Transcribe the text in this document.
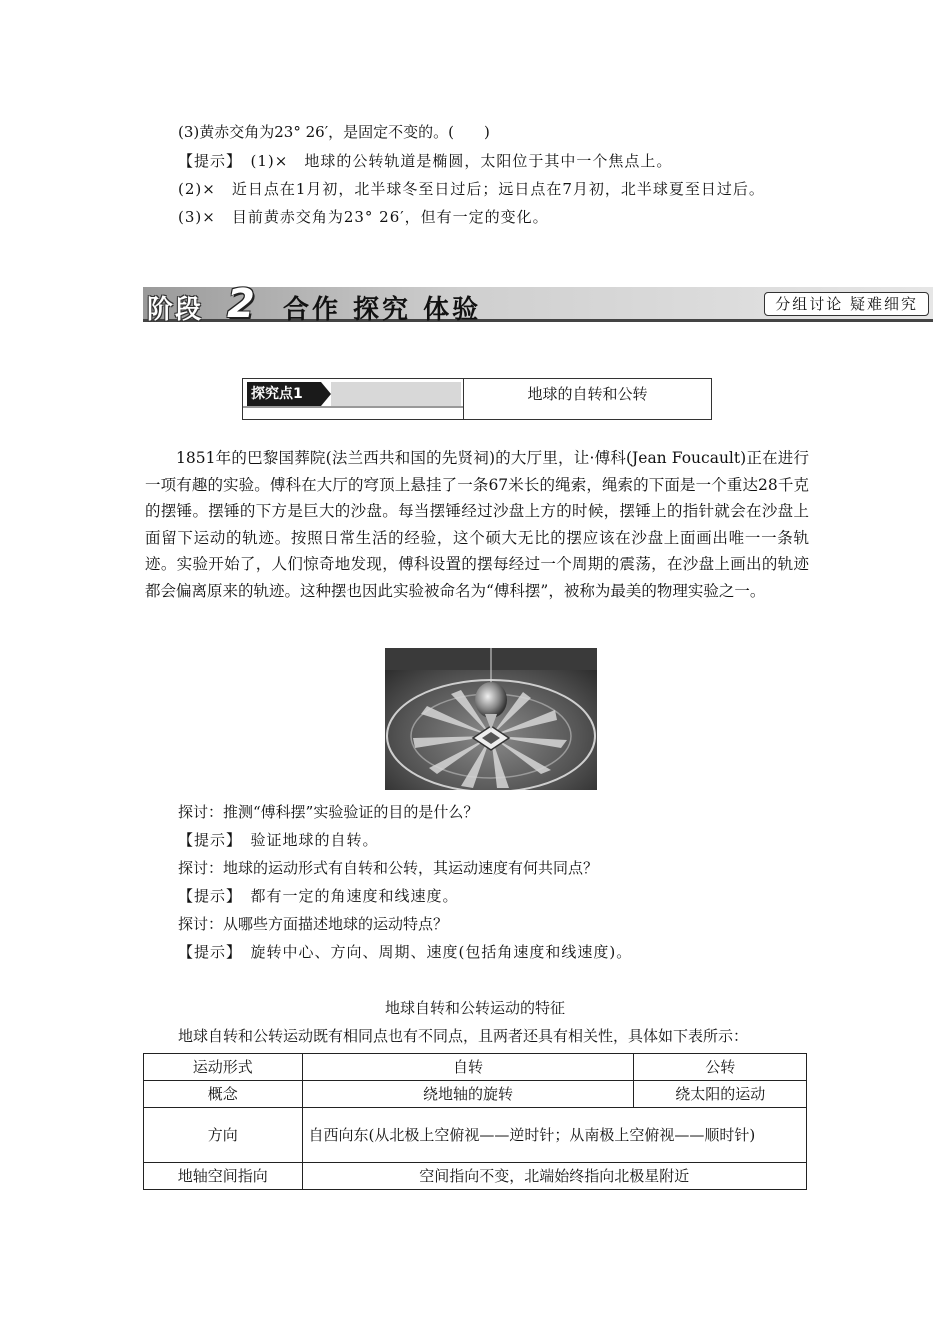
(3)黄赤交角为23° 26′，是固定不变的。(　　)
【提示】　(1)×　地球的公转轨道是椭圆，太阳位于其中一个焦点上。
(2)×　近日点在1月初，北半球冬至日过后；远日点在7月初，北半球夏至日过后。
(3)×　目前黄赤交角为23° 26′，但有一定的变化。
阶段 2 合作 探究 体验	分组讨论 疑难细究
探究点1	地球的自转和公转
1851年的巴黎国葬院(法兰西共和国的先贤祠)的大厅里，让·傅科(Jean Foucault)正在进行一项有趣的实验。傅科在大厅的穹顶上悬挂了一条67米长的绳索，绳索的下面是一个重达28千克的摆锤。摆锤的下方是巨大的沙盘。每当摆锤经过沙盘上方的时候，摆锤上的指针就会在沙盘上面留下运动的轨迹。按照日常生活的经验，这个硕大无比的摆应该在沙盘上面画出唯一一条轨迹。实验开始了，人们惊奇地发现，傅科设置的摆每经过一个周期的震荡，在沙盘上画出的轨迹都会偏离原来的轨迹。这种摆也因此实验被命名为“傅科摆”，被称为最美的物理实验之一。
探讨：推测“傅科摆”实验验证的目的是什么？
【提示】　验证地球的自转。
探讨：地球的运动形式有自转和公转，其运动速度有何共同点？
【提示】　都有一定的角速度和线速度。
探讨：从哪些方面描述地球的运动特点？
【提示】　旋转中心、方向、周期、速度(包括角速度和线速度)。
地球自转和公转运动的特征
地球自转和公转运动既有相同点也有不同点，且两者还具有相关性，具体如下表所示：
运动形式	自转	公转
概念	绕地轴的旋转	绕太阳的运动
方向	自西向东(从北极上空俯视——逆时针；从南极上空俯视——顺时针)	
地轴空间指向	空间指向不变，北端始终指向北极星附近	
